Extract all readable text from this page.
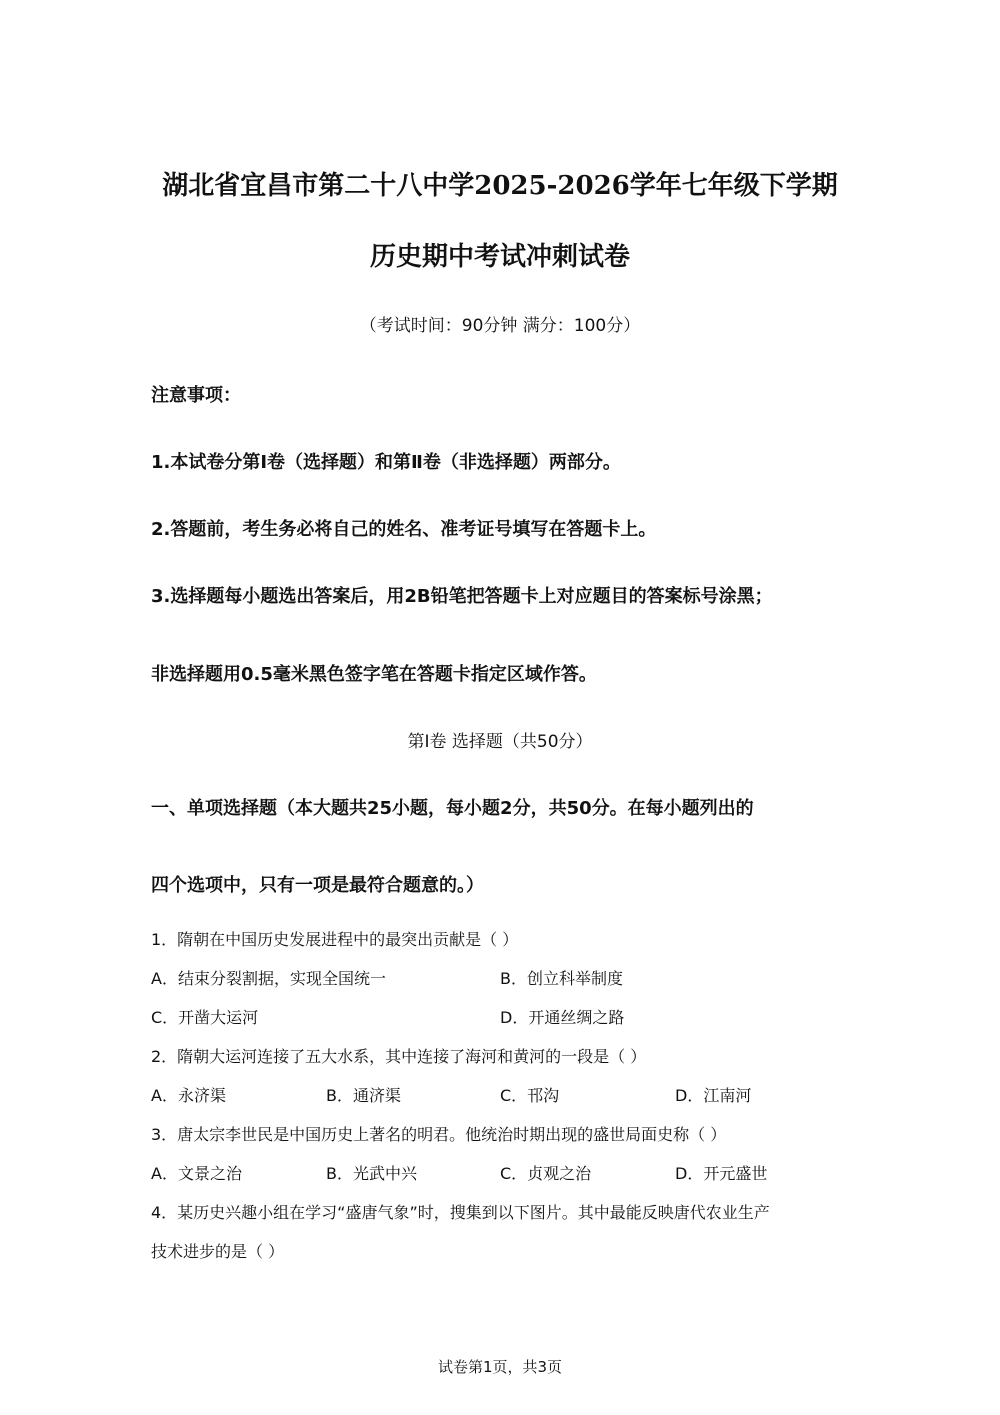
湖北省宜昌市第二十八中学2025-2026学年七年级下学期
历史期中考试冲刺试卷
（考试时间：90分钟 满分：100分）
注意事项：
1.本试卷分第Ⅰ卷（选择题）和第Ⅱ卷（非选择题）两部分。
2.答题前，考生务必将自己的姓名、准考证号填写在答题卡上。
3.选择题每小题选出答案后，用2B铅笔把答题卡上对应题目的答案标号涂黑；
非选择题用0.5毫米黑色签字笔在答题卡指定区域作答。
第Ⅰ卷 选择题（共50分）
一、单项选择题（本大题共25小题，每小题2分，共50分。在每小题列出的
四个选项中，只有一项是最符合题意的。）
1．隋朝在中国历史发展进程中的最突出贡献是（ ）
A．结束分裂割据，实现全国统一	B．创立科举制度
C．开凿大运河	D．开通丝绸之路
2．隋朝大运河连接了五大水系，其中连接了海河和黄河的一段是（ ）
A．永济渠	B．通济渠	C．邗沟	D．江南河
3．唐太宗李世民是中国历史上著名的明君。他统治时期出现的盛世局面史称（ ）
A．文景之治	B．光武中兴	C．贞观之治	D．开元盛世
4．某历史兴趣小组在学习“盛唐气象”时，搜集到以下图片。其中最能反映唐代农业生产
技术进步的是（ ）
试卷第1页，共3页
